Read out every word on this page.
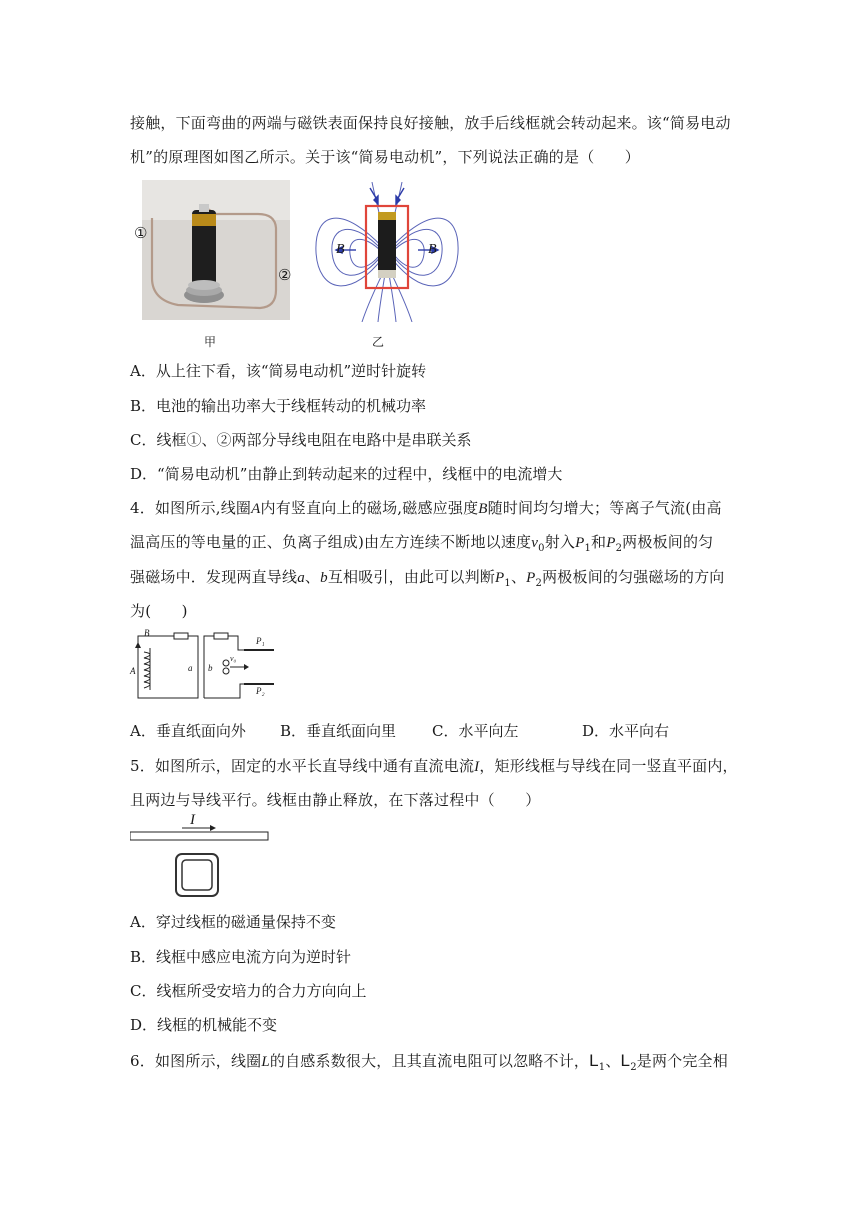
接触，下面弯曲的两端与磁铁表面保持良好接触，放手后线框就会转动起来。该“简易电动
机”的原理图如图乙所示。关于该“简易电动机”，下列说法正确的是（　　）
①
②
甲
B	B
乙
A．从上往下看，该“简易电动机”逆时针旋转
B．电池的输出功率大于线框转动的机械功率
C．线框①、②两部分导线电阻在电路中是串联关系
D．“简易电动机”由静止到转动起来的过程中，线框中的电流增大
4．如图所示,线圈A内有竖直向上的磁场,磁感应强度B随时间均匀增大；等离子气流(由高
温高压的等电量的正、负离子组成)由左方连续不断地以速度$v_0$射入$P_1$和$P_2$两极板间的匀
强磁场中．发现两直导线a、b互相吸引，由此可以判断$P_1$、$P_2$两极板间的匀强磁场的方向
为(　　)
B
A	a b
P₁
P₂
v₀
A．垂直纸面向外 B．垂直纸面向里 C．水平向左	D．水平向右
5．如图所示，固定的水平长直导线中通有直流电流I，矩形线框与导线在同一竖直平面内，
且两边与导线平行。线框由静止释放，在下落过程中（　　）
I
A．穿过线框的磁通量保持不变
B．线框中感应电流方向为逆时针
C．线框所受安培力的合力方向向上
D．线框的机械能不变
6．如图所示，线圈L的自感系数很大，且其直流电阻可以忽略不计，$L_1$、$L_2$是两个完全相
